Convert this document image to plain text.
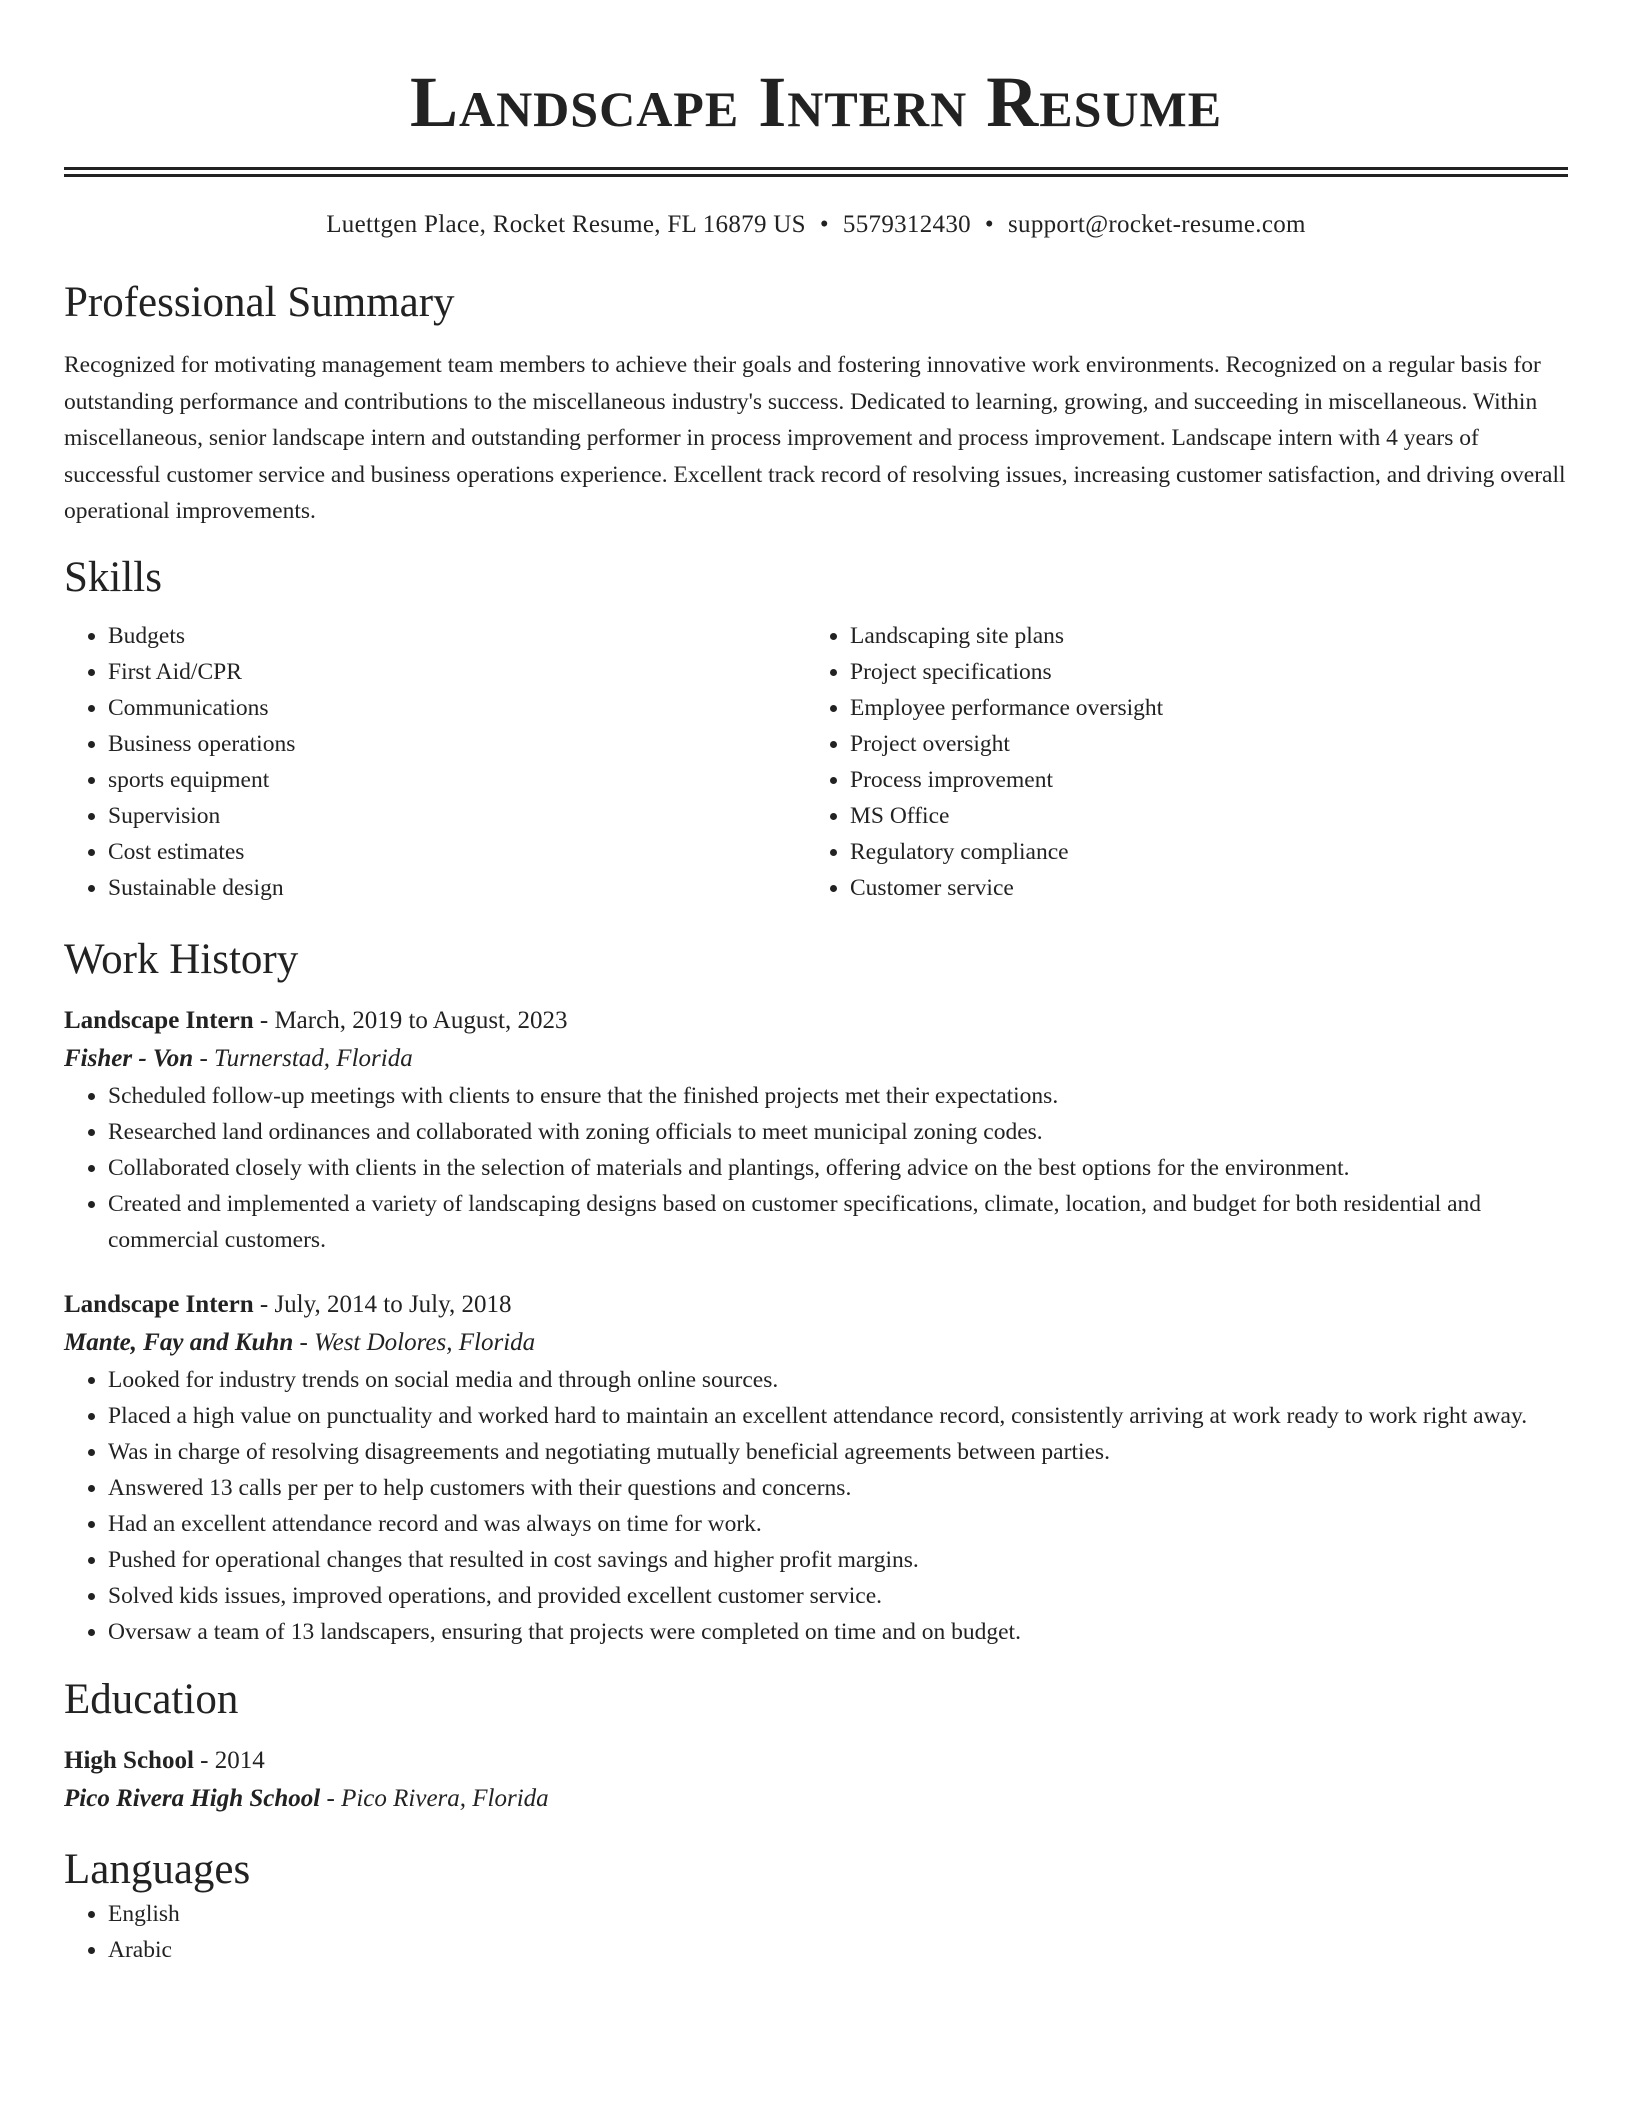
Landscape Intern Resume
Luettgen Place, Rocket Resume, FL 16879 US • 5579312430 • support@rocket-resume.com
Professional Summary

Recognized for motivating management team members to achieve their goals and fostering innovative work environments. Recognized on a regular basis for outstanding performance and contributions to the miscellaneous industry's success. Dedicated to learning, growing, and succeeding in miscellaneous. Within miscellaneous, senior landscape intern and outstanding performer in process improvement and process improvement. Landscape intern with 4 years of successful customer service and business operations experience. Excellent track record of resolving issues, increasing customer satisfaction, and driving overall operational improvements.

Skills
• Budgets
• First Aid/CPR
• Communications
• Business operations
• sports equipment
• Supervision
• Cost estimates
• Sustainable design
• Landscaping site plans
• Project specifications
• Employee performance oversight
• Project oversight
• Process improvement
• MS Office
• Regulatory compliance
• Customer service
Work History
Landscape Intern - March, 2019 to August, 2023
Fisher - Von - Turnerstad, Florida
• Scheduled follow-up meetings with clients to ensure that the finished projects met their expectations.
• Researched land ordinances and collaborated with zoning officials to meet municipal zoning codes.
• Collaborated closely with clients in the selection of materials and plantings, offering advice on the best options for the environment.
• Created and implemented a variety of landscaping designs based on customer specifications, climate, location, and budget for both residential and commercial customers.
Landscape Intern - July, 2014 to July, 2018
Mante, Fay and Kuhn - West Dolores, Florida
• Looked for industry trends on social media and through online sources.
• Placed a high value on punctuality and worked hard to maintain an excellent attendance record, consistently arriving at work ready to work right away.
• Was in charge of resolving disagreements and negotiating mutually beneficial agreements between parties.
• Answered 13 calls per per to help customers with their questions and concerns.
• Had an excellent attendance record and was always on time for work.
• Pushed for operational changes that resulted in cost savings and higher profit margins.
• Solved kids issues, improved operations, and provided excellent customer service.
• Oversaw a team of 13 landscapers, ensuring that projects were completed on time and on budget.
Education
High School - 2014
Pico Rivera High School - Pico Rivera, Florida
Languages
• English
• Arabic
